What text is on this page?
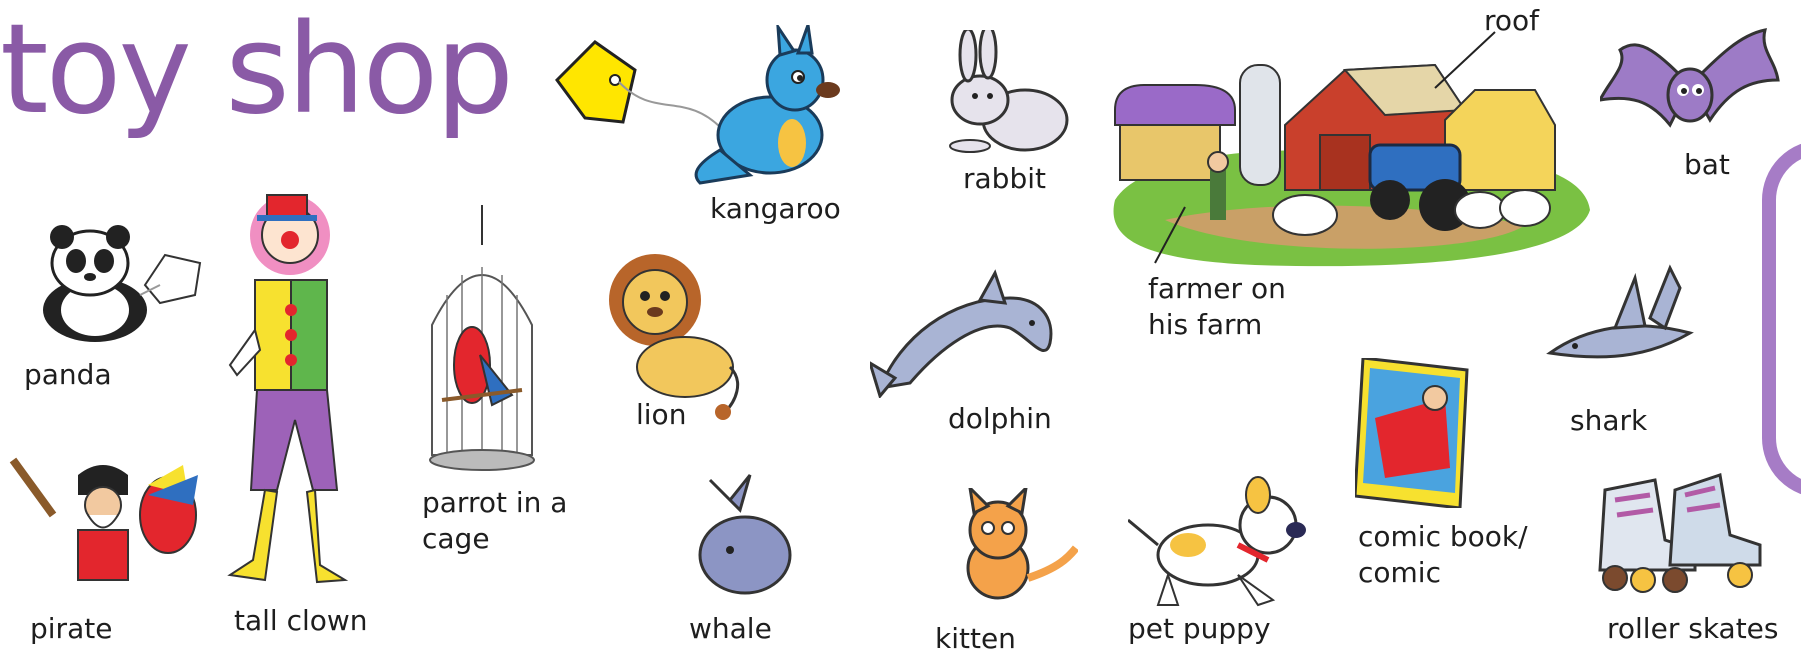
toy shop
kangaroo
rabbit
roof
farmer on
his farm
bat
panda
tall clown
parrot in a
cage
lion	dolphin	shark
comic book/
comic
pirate	whale	kitten	pet puppy	roller skates
